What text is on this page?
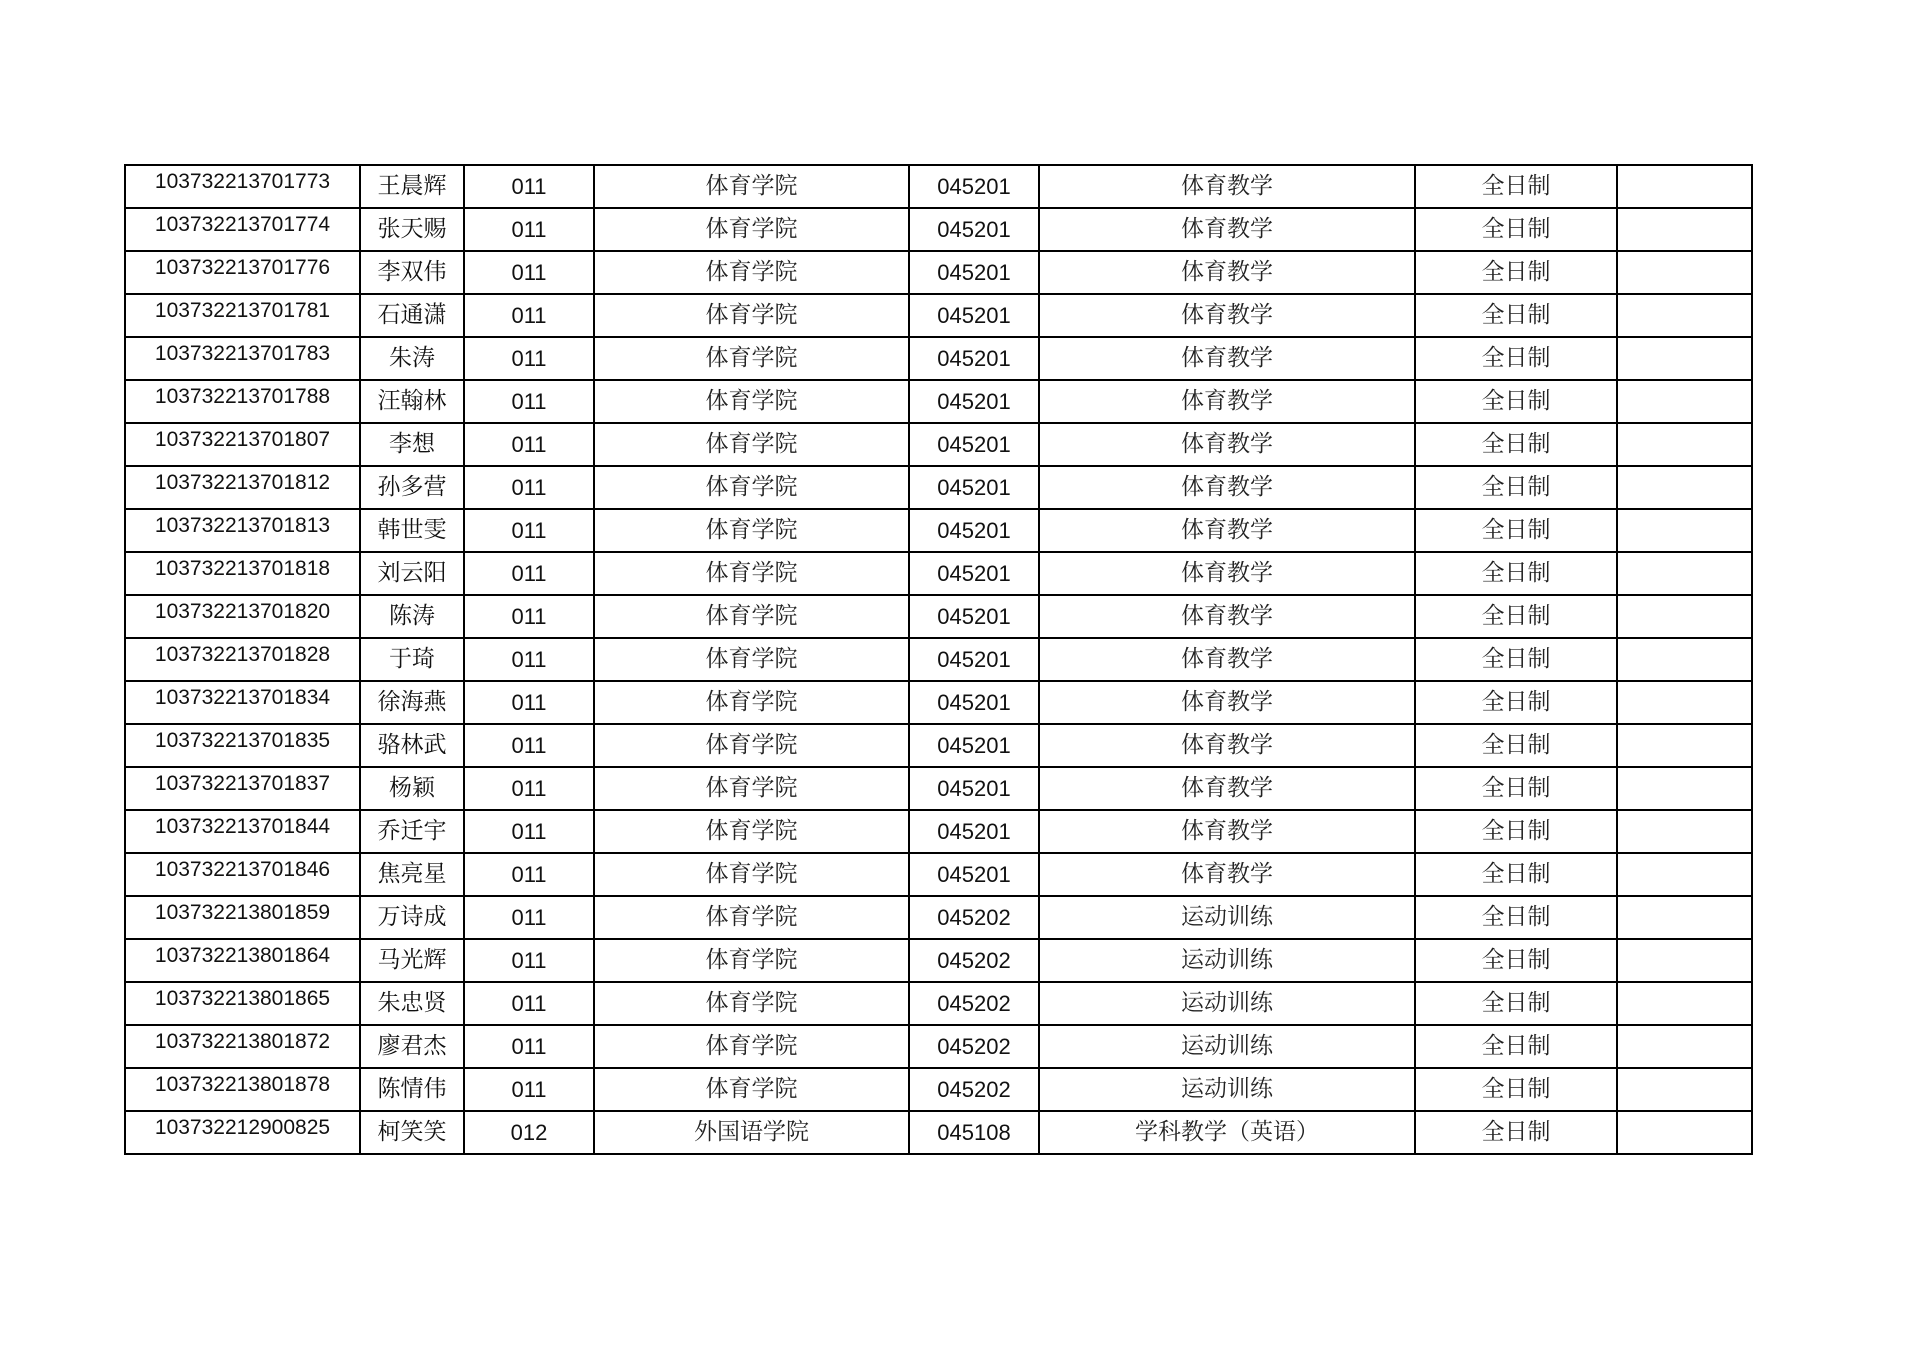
103732213701773	王晨辉	011	体育学院	045201	体育教学	全日制	
103732213701774	张天赐	011	体育学院	045201	体育教学	全日制	
103732213701776	李双伟	011	体育学院	045201	体育教学	全日制	
103732213701781	石通潇	011	体育学院	045201	体育教学	全日制	
103732213701783	朱涛	011	体育学院	045201	体育教学	全日制	
103732213701788	汪翰林	011	体育学院	045201	体育教学	全日制	
103732213701807	李想	011	体育学院	045201	体育教学	全日制	
103732213701812	孙多营	011	体育学院	045201	体育教学	全日制	
103732213701813	韩世雯	011	体育学院	045201	体育教学	全日制	
103732213701818	刘云阳	011	体育学院	045201	体育教学	全日制	
103732213701820	陈涛	011	体育学院	045201	体育教学	全日制	
103732213701828	于琦	011	体育学院	045201	体育教学	全日制	
103732213701834	徐海燕	011	体育学院	045201	体育教学	全日制	
103732213701835	骆林武	011	体育学院	045201	体育教学	全日制	
103732213701837	杨颖	011	体育学院	045201	体育教学	全日制	
103732213701844	乔迁宇	011	体育学院	045201	体育教学	全日制	
103732213701846	焦亮星	011	体育学院	045201	体育教学	全日制	
103732213801859	万诗成	011	体育学院	045202	运动训练	全日制	
103732213801864	马光辉	011	体育学院	045202	运动训练	全日制	
103732213801865	朱忠贤	011	体育学院	045202	运动训练	全日制	
103732213801872	廖君杰	011	体育学院	045202	运动训练	全日制	
103732213801878	陈情伟	011	体育学院	045202	运动训练	全日制	
103732212900825	柯笑笑	012	外国语学院	045108	学科教学（英语）	全日制	
